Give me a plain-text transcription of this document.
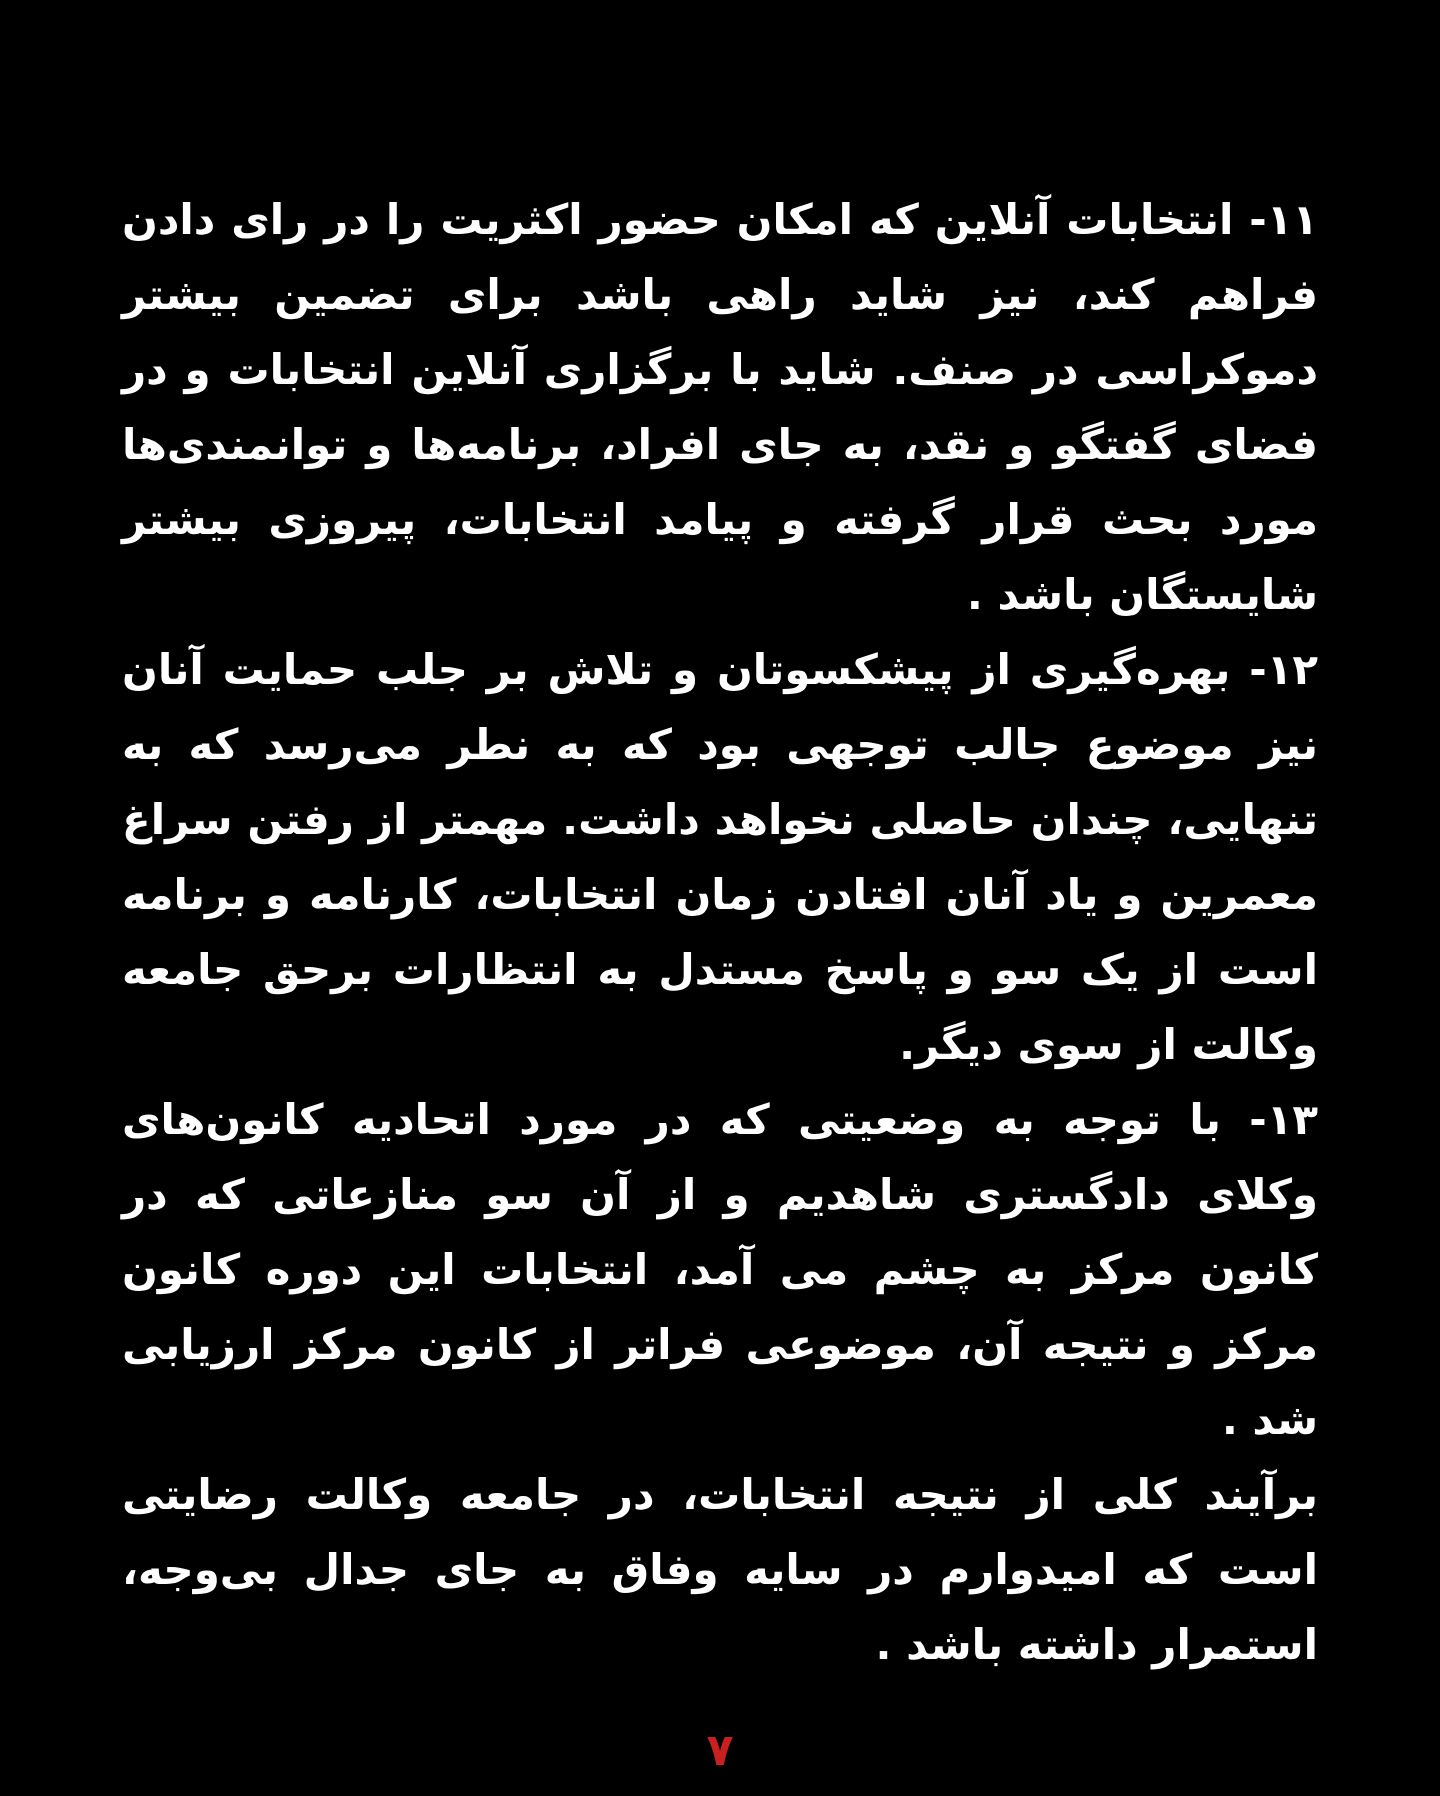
۱۱- انتخابات آنلاین که امکان حضور اکثریت را در رای دادن فراهم کند، نیز شاید راهی باشد برای تضمین بیشتر دموکراسی در صنف. شاید با برگزاری آنلاین انتخابات و در فضای گفتگو و نقد، به جای افراد، برنامه‌ها و توانمندی‌ها مورد بحث قرار گرفته و پیامد انتخابات، پیروزی بیشتر شایستگان باشد .

۱۲- بهره‌گیری از پیشکسوتان و تلاش بر جلب حمایت آنان نیز موضوع جالب توجهی بود که به نطر می‌رسد که به تنهایی، چندان حاصلی نخواهد داشت. مهمتر از رفتن سراغ معمرین و یاد آنان افتادن زمان انتخابات، کارنامه و برنامه است از یک سو و پاسخ مستدل به انتظارات برحق جامعه وکالت از سوی دیگر.

۱۳- با توجه به وضعیتی که در مورد اتحادیه کانون‌های وکلای دادگستری شاهدیم و از آن سو منازعاتی که در کانون مرکز به چشم می آمد، انتخابات این دوره کانون مرکز و نتیجه آن، موضوعی فراتر از کانون مرکز ارزیابی شد .

برآیند کلی از نتیجه انتخابات، در جامعه وکالت رضایتی است که امیدوارم در سایه وفاق به جای جدال بی‌وجه، استمرار داشته باشد .

۷
